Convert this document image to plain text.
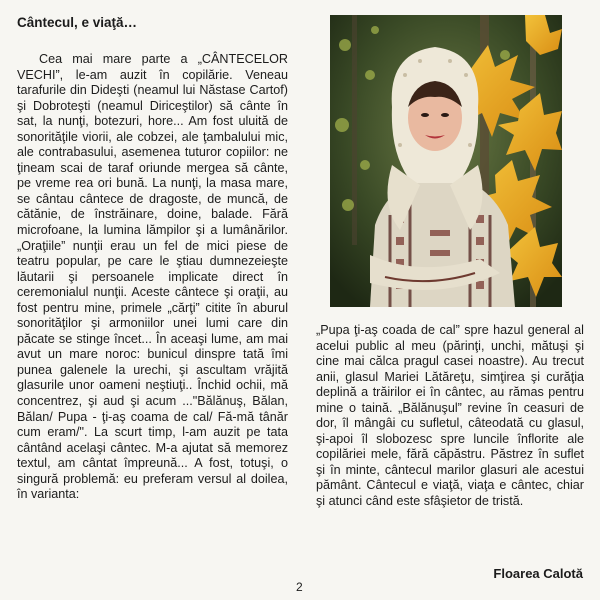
Cântecul, e viaţă…

Cea mai mare parte a „CÂNTECELOR VECHI”, le-am auzit în copilărie. Veneau tarafurile din Dideşti (neamul lui Năstase Cartof) şi Dobroteşti (neamul Diriceştilor) să cânte în sat, la nunţi, botezuri, hore... Am fost uluită de sonorităţile viorii, ale cobzei, ale ţambalului mic, ale contrabasului, asemenea tuturor copiilor: ne ţineam scai de taraf oriunde mergea să cânte, pe vreme rea ori bună. La nunţi, la masa mare, se cântau cântece de dragoste, de muncă, de cătănie, de înstrăinare, doine, balade. Fără microfoane, la lumina lămpilor şi a lumânărilor. „Oraţiile” nunţii erau un fel de mici piese de teatru popular, pe care le ştiau dumnezeieşte lăutarii şi persoanele implicate direct în ceremonialul nunţii. Aceste cântece şi oraţii, au fost pentru mine, primele „cărţi” citite în aburul sonorităţilor şi armoniilor unei lumi care din păcate se stinge încet... În aceaşi lume, am mai avut un mare noroc: bunicul dinspre tată îmi punea galenele la urechi, şi ascultam vrăjită glasurile unor oameni neştiuţi.. Închid ochii, mă concentrez, şi aud şi acum ..."Bălănuş, Bălan, Bălan/ Pupa - ţi-aş coama de cal/ Fă-mă tânăr cum eram/". La scurt timp, l-am auzit pe tata cântând acelaşi cântec. M-a ajutat să memorez textul, am cântat împreună... A fost, totuşi, o singură problemă: eu preferam versul al doilea, în varianta:

„Pupa ţi-aş coada de cal” spre hazul general al acelui public al meu (părinţi, unchi, mătuşi şi cine mai călca pragul casei noastre). Au trecut anii, glasul Mariei Lătăreţu, simţirea şi curăţia deplină a trăirilor ei în cântec, au rămas pentru mine o taină. „Bălănuşul” revine în ceasuri de dor, îl mângâi cu sufletul, câteodată cu glasul, şi-apoi îl slobozesc spre luncile înflorite ale copilăriei mele, fără căpăstru. Păstrez în suflet şi în minte, cântecul marilor glasuri ale acestui pământ. Cântecul e viaţă, viaţa e cântec, chiar şi atunci când este sfâşietor de tristă.

Floarea Calotă
2
